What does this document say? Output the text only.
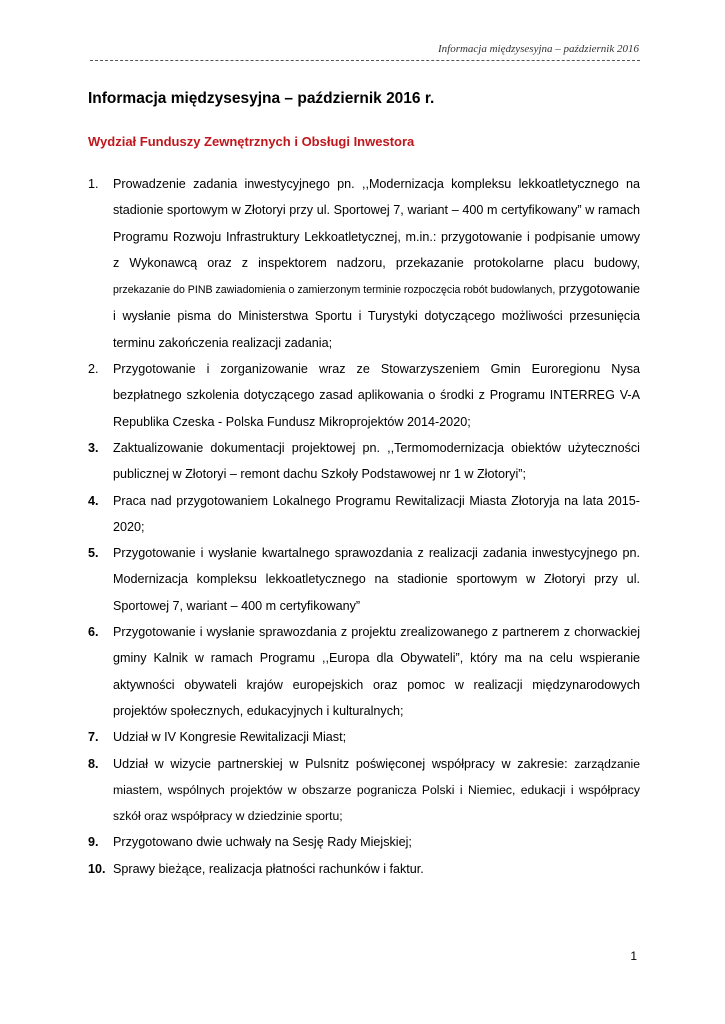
Informacja międzysesyjna – październik 2016
Informacja międzysesyjna – październik 2016 r.
Wydział Funduszy Zewnętrznych i Obsługi Inwestora
1. Prowadzenie zadania inwestycyjnego pn. ,,Modernizacja kompleksu lekkoatletycznego na stadionie sportowym w Złotoryi przy ul. Sportowej 7, wariant – 400 m certyfikowany” w ramach Programu Rozwoju Infrastruktury Lekkoatletycznej, m.in.: przygotowanie i podpisanie umowy z Wykonawcą oraz z inspektorem nadzoru, przekazanie protokolarne placu budowy, przekazanie do PINB zawiadomienia o zamierzonym terminie rozpoczęcia robót budowlanych, przygotowanie i wysłanie pisma do Ministerstwa Sportu i Turystyki dotyczącego możliwości przesunięcia terminu zakończenia realizacji zadania;
2. Przygotowanie i zorganizowanie wraz ze Stowarzyszeniem Gmin Euroregionu Nysa bezpłatnego szkolenia dotyczącego zasad aplikowania o środki z Programu INTERREG V-A Republika Czeska - Polska Fundusz Mikroprojektów 2014-2020;
3. Zaktualizowanie dokumentacji projektowej pn. ,,Termomodernizacja obiektów użyteczności publicznej w Złotoryi – remont dachu Szkoły Podstawowej nr 1 w Złotoryi”;
4. Praca nad przygotowaniem Lokalnego Programu Rewitalizacji Miasta Złotoryja na lata 2015-2020;
5. Przygotowanie i wysłanie kwartalnego sprawozdania z realizacji zadania inwestycyjnego pn. Modernizacja kompleksu lekkoatletycznego na stadionie sportowym w Złotoryi przy ul. Sportowej 7, wariant – 400 m certyfikowany”
6. Przygotowanie i wysłanie sprawozdania z projektu zrealizowanego z partnerem z chorwackiej gminy Kalnik w ramach Programu ,,Europa dla Obywateli”, który ma na celu wspieranie aktywności obywateli krajów europejskich oraz pomoc w realizacji międzynarodowych projektów społecznych, edukacyjnych i kulturalnych;
7. Udział w IV Kongresie Rewitalizacji Miast;
8. Udział w wizycie partnerskiej w Pulsnitz poświęconej współpracy w zakresie: zarządzanie miastem, wspólnych projektów w obszarze pogranicza Polski i Niemiec, edukacji i współpracy szkół oraz współpracy w dziedzinie sportu;
9. Przygotowano dwie uchwały na Sesję Rady Miejskiej;
10. Sprawy bieżące, realizacja płatności rachunków i faktur.
1
